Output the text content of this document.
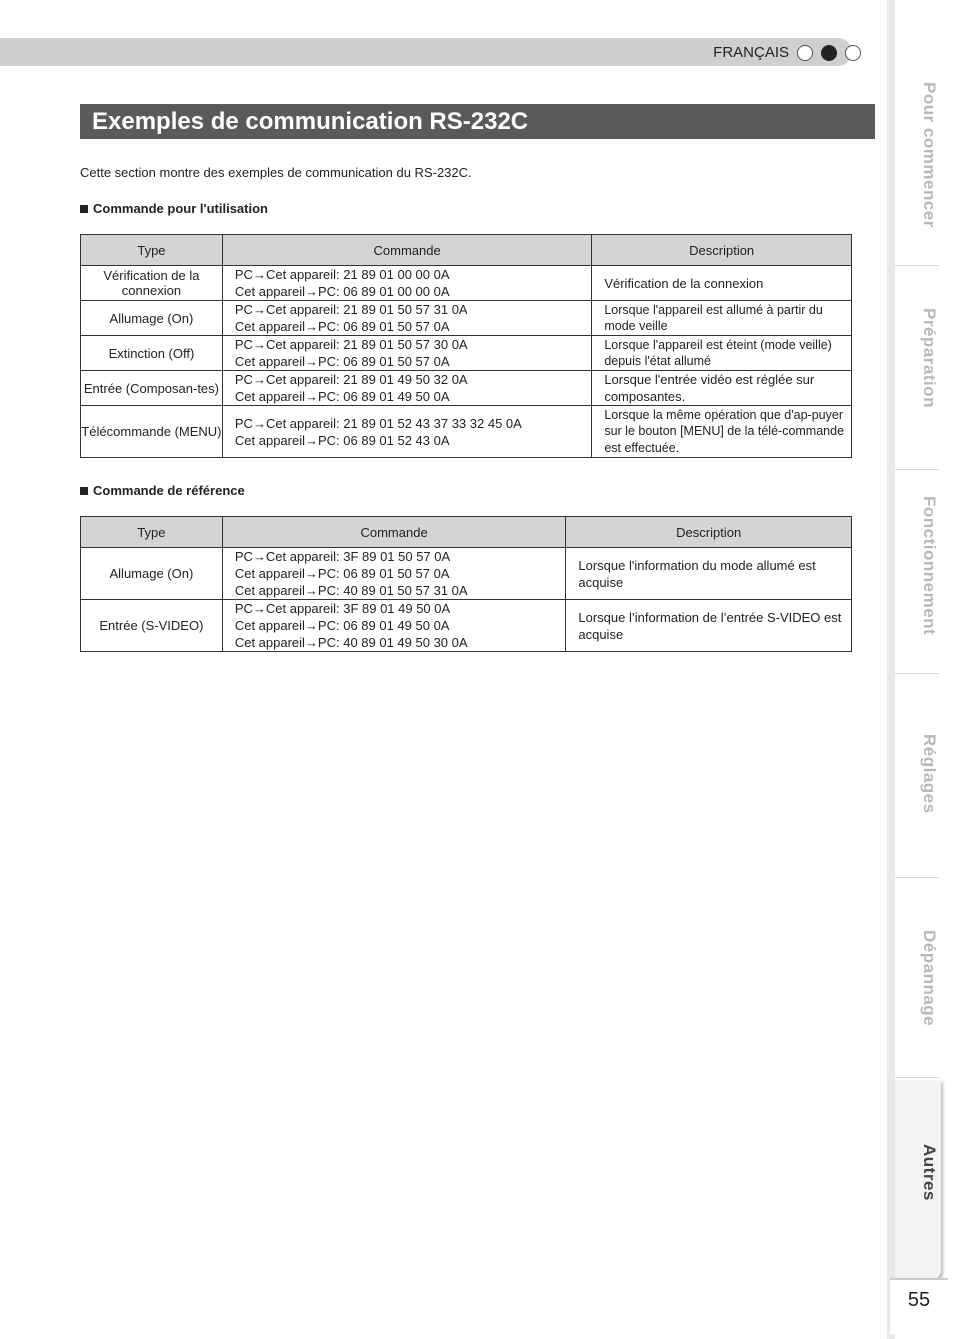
FRANÇAIS
Exemples de communication RS-232C
Cette section montre des exemples de communication du RS-232C.
Commande pour l'utilisation
Type	Commande	Description
Vérification de la connexion	PC→Cet appareil: 21 89 01 00 00 0A
Cet appareil→PC: 06 89 01 00 00 0A	Vérification de la connexion
Allumage (On)	PC→Cet appareil: 21 89 01 50 57 31 0A
Cet appareil→PC: 06 89 01 50 57 0A	Lorsque l'appareil est allumé à partir du mode veille
Extinction (Off)	PC→Cet appareil: 21 89 01 50 57 30 0A
Cet appareil→PC: 06 89 01 50 57 0A	Lorsque l'appareil est éteint (mode veille) depuis l'état allumé
Entrée (Composan-tes)	PC→Cet appareil: 21 89 01 49 50 32 0A
Cet appareil→PC: 06 89 01 49 50 0A	Lorsque l'entrée vidéo est réglée sur composantes.
Télécommande (MENU)	PC→Cet appareil: 21 89 01 52 43 37 33 32 45 0A
Cet appareil→PC: 06 89 01 52 43 0A	Lorsque la même opération que d'ap-puyer sur le bouton [MENU] de la télé-commande est effectuée.
Commande de référence
Type	Commande	Description
Allumage (On)	PC→Cet appareil: 3F 89 01 50 57 0A
Cet appareil→PC: 06 89 01 50 57 0A
Cet appareil→PC: 40 89 01 50 57 31 0A	Lorsque l'information du mode allumé est acquise
Entrée (S-VIDEO)	PC→Cet appareil: 3F 89 01 49 50 0A
Cet appareil→PC: 06 89 01 49 50 0A
Cet appareil→PC: 40 89 01 49 50 30 0A	Lorsque l’information de l’entrée S-VIDEO est acquise
Pour commencer
Préparation
Fonctionnement
Réglages
Dépannage
Autres
55
